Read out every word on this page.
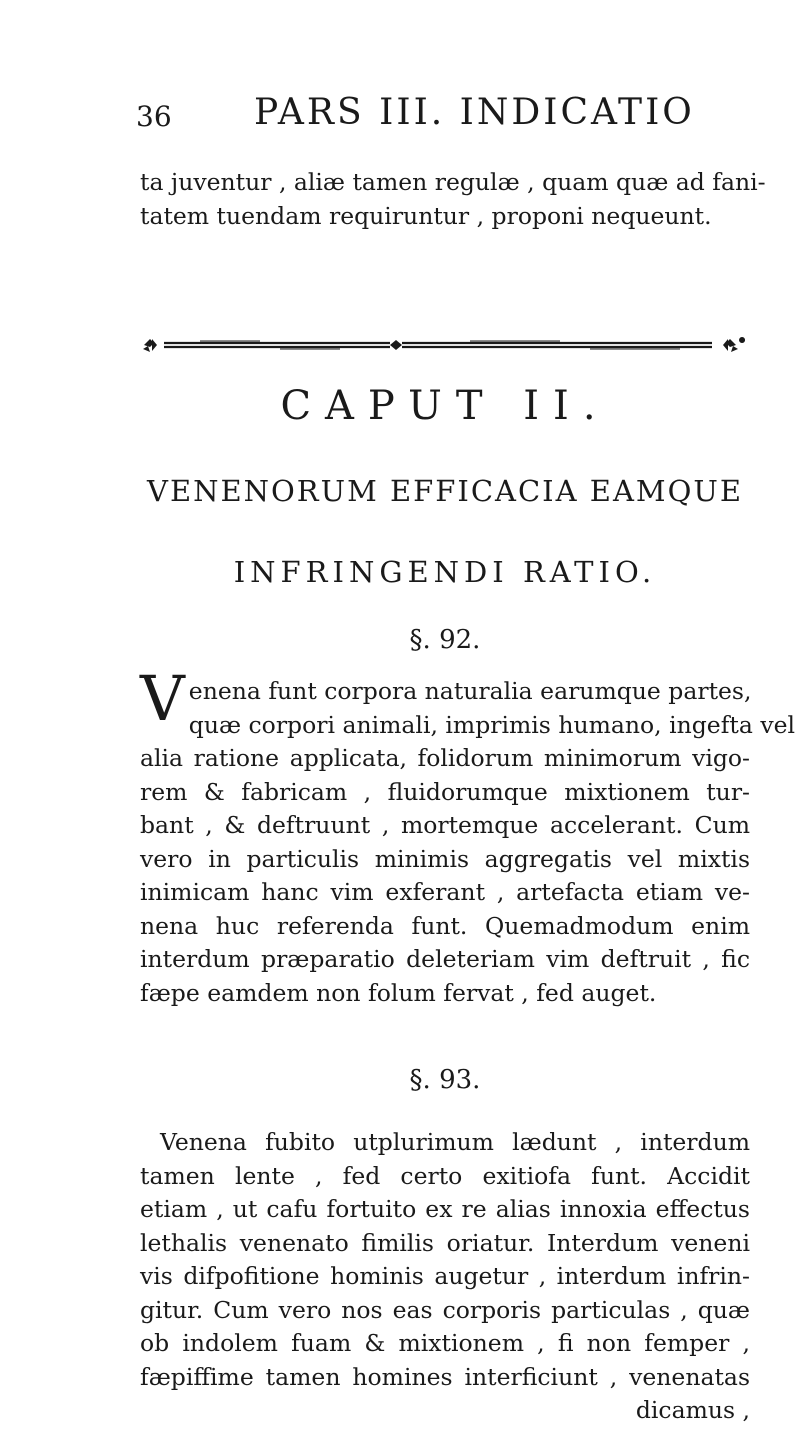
36 PARS III. INDICATIO
ta juventur , aliæ tamen regulæ , quam quæ ad fani-
tatem tuendam requiruntur , proponi nequeunt.
CAPUT II.
VENENORUM EFFICACIA EAMQUE
INFRINGENDI RATIO.
§. 92.
V enena funt corpora naturalia earumque partes,
quæ corpori animali, imprimis humano, ingefta vel
alia ratione applicata, folidorum minimorum vigo-
rem & fabricam , fluidorumque mixtionem tur-
bant , & deftruunt , mortemque accelerant. Cum
vero in particulis minimis aggregatis vel mixtis
inimicam hanc vim exferant , artefacta etiam ve-
nena huc referenda funt. Quemadmodum enim
interdum præparatio deleteriam vim deftruit , fic
fæpe eamdem non folum fervat , fed auget.
§. 93.
Venena fubito utplurimum lædunt , interdum
tamen lente , fed certo exitiofa funt. Accidit
etiam , ut cafu fortuito ex re alias innoxia effectus
lethalis venenato fimilis oriatur. Interdum veneni
vis difpofitione hominis augetur , interdum infrin-
gitur. Cum vero nos eas corporis particulas , quæ
ob indolem fuam & mixtionem , fi non femper ,
fæpiffime tamen homines interficiunt , venenatas
dicamus ,
